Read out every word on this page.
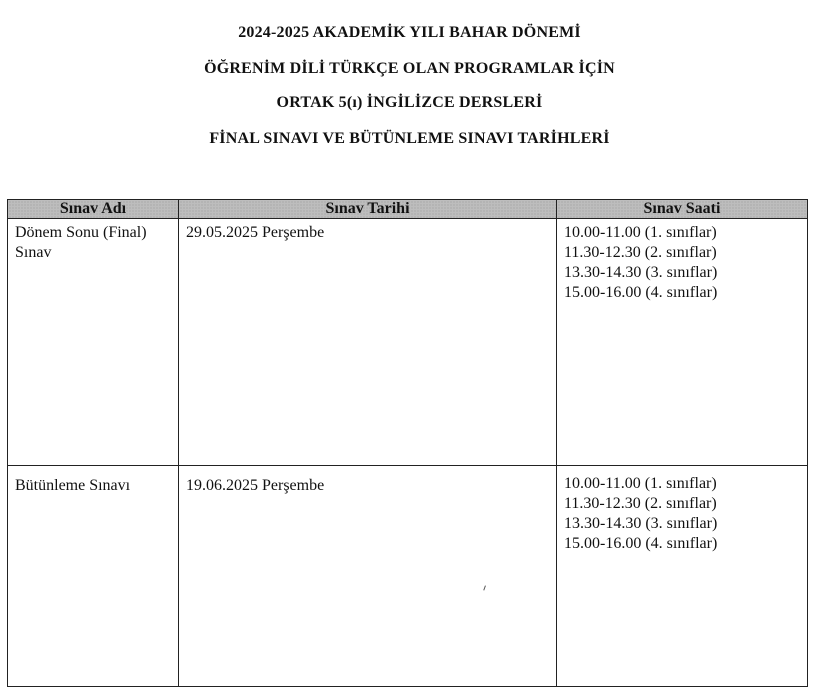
2024-2025 AKADEMİK YILI BAHAR DÖNEMİ
ÖĞRENİM DİLİ TÜRKÇE OLAN PROGRAMLAR İÇİN
ORTAK 5(ı) İNGİLİZCE DERSLERİ
FİNAL SINAVI VE BÜTÜNLEME SINAVI TARİHLERİ
Sınav Adı	Sınav Tarihi	Sınav Saati

Dönem Sonu (Final) Sınav	29.05.2025 Perşembe	10.00-11.00 (1. sınıflar)
11.30-12.30 (2. sınıflar)
13.30-14.30 (3. sınıflar)
15.00-16.00 (4. sınıflar)

Bütünleme Sınavı	19.06.2025 Perşembe	10.00-11.00 (1. sınıflar)
11.30-12.30 (2. sınıflar)
13.30-14.30 (3. sınıflar)
15.00-16.00 (4. sınıflar)
